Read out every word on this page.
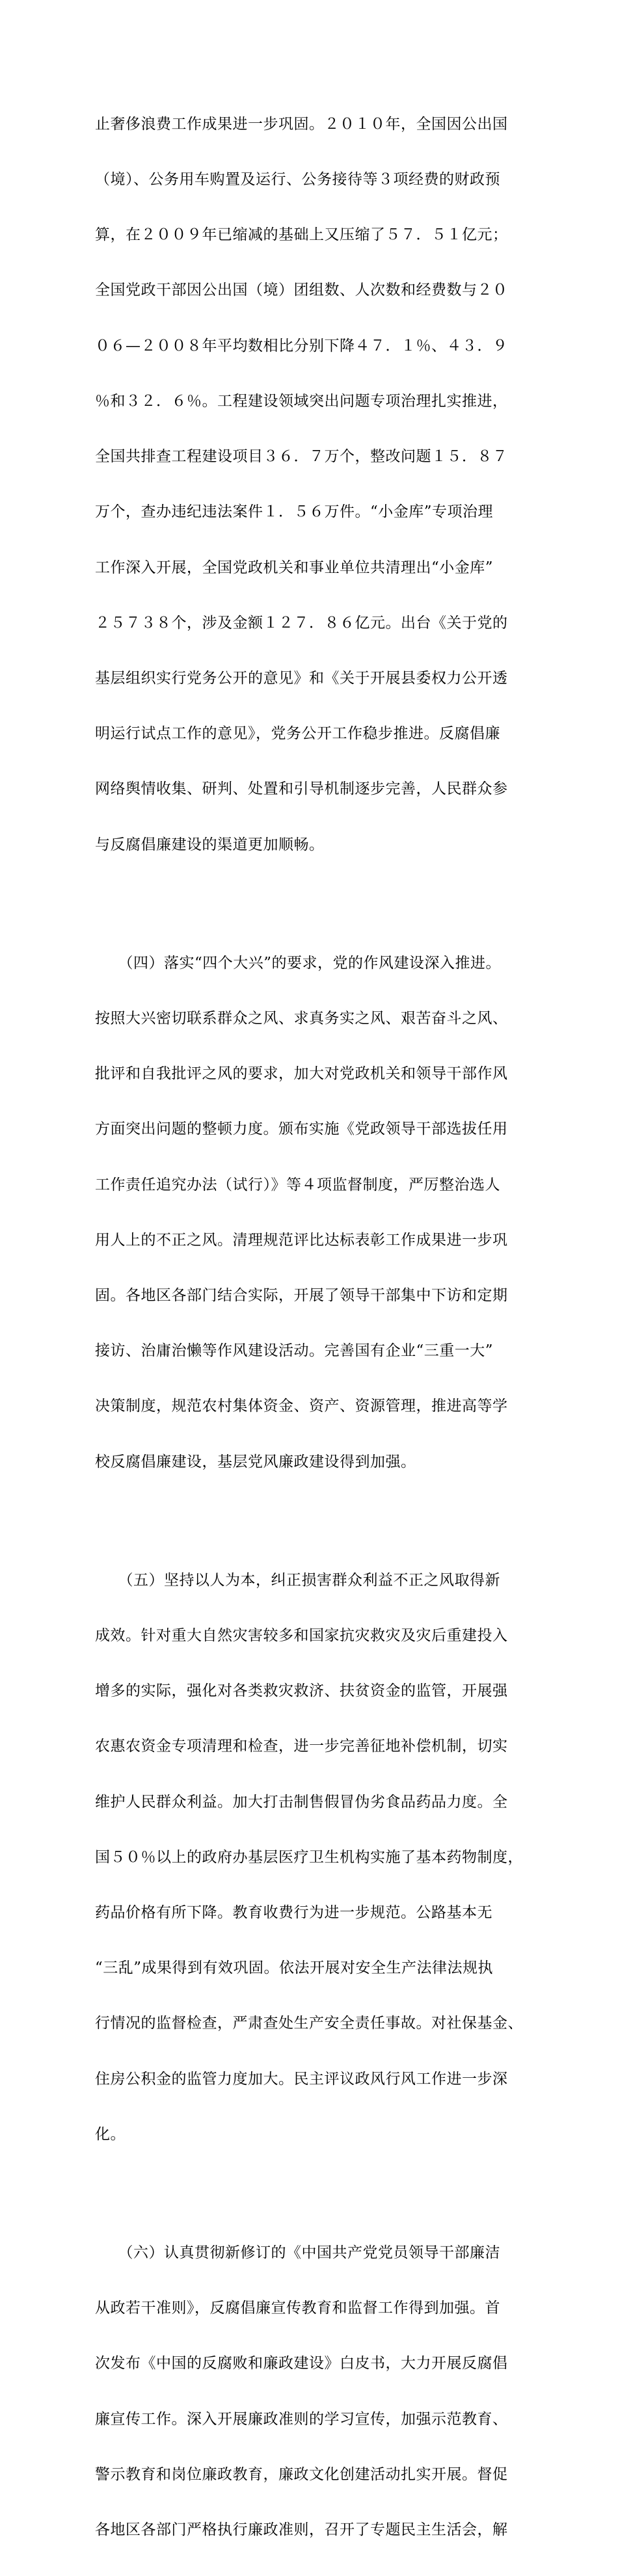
止奢侈浪费工作成果进一步巩固。２０１０年，全国因公出国

（境）、公务用车购置及运行、公务接待等３项经费的财政预

算，在２００９年已缩减的基础上又压缩了５７．５１亿元；

全国党政干部因公出国（境）团组数、人次数和经费数与２０

０６—２００８年平均数相比分别下降４７．１％、４３．９

％和３２．６％。工程建设领域突出问题专项治理扎实推进，

全国共排查工程建设项目３６．７万个，整改问题１５．８７

万个，查办违纪违法案件１．５６万件。“小金库”专项治理

工作深入开展，全国党政机关和事业单位共清理出“小金库”

２５７３８个，涉及金额１２７．８６亿元。出台《关于党的

基层组织实行党务公开的意见》和《关于开展县委权力公开透

明运行试点工作的意见》，党务公开工作稳步推进。反腐倡廉

网络舆情收集、研判、处置和引导机制逐步完善，人民群众参

与反腐倡廉建设的渠道更加顺畅。

　　（四）落实“四个大兴”的要求，党的作风建设深入推进。

按照大兴密切联系群众之风、求真务实之风、艰苦奋斗之风、

批评和自我批评之风的要求，加大对党政机关和领导干部作风

方面突出问题的整顿力度。颁布实施《党政领导干部选拔任用

工作责任追究办法（试行）》等４项监督制度，严厉整治选人

用人上的不正之风。清理规范评比达标表彰工作成果进一步巩

固。各地区各部门结合实际，开展了领导干部集中下访和定期

接访、治庸治懒等作风建设活动。完善国有企业“三重一大”

决策制度，规范农村集体资金、资产、资源管理，推进高等学

校反腐倡廉建设，基层党风廉政建设得到加强。

　　（五）坚持以人为本，纠正损害群众利益不正之风取得新

成效。针对重大自然灾害较多和国家抗灾救灾及灾后重建投入

增多的实际，强化对各类救灾救济、扶贫资金的监管，开展强

农惠农资金专项清理和检查，进一步完善征地补偿机制，切实

维护人民群众利益。加大打击制售假冒伪劣食品药品力度。全

国５０％以上的政府办基层医疗卫生机构实施了基本药物制度，

药品价格有所下降。教育收费行为进一步规范。公路基本无

“三乱”成果得到有效巩固。依法开展对安全生产法律法规执

行情况的监督检查，严肃查处生产安全责任事故。对社保基金、

住房公积金的监管力度加大。民主评议政风行风工作进一步深

化。

　　（六）认真贯彻新修订的《中国共产党党员领导干部廉洁

从政若干准则》，反腐倡廉宣传教育和监督工作得到加强。首

次发布《中国的反腐败和廉政建设》白皮书，大力开展反腐倡

廉宣传工作。深入开展廉政准则的学习宣传，加强示范教育、

警示教育和岗位廉政教育，廉政文化创建活动扎实开展。督促

各地区各部门严格执行廉政准则，召开了专题民主生活会，解
